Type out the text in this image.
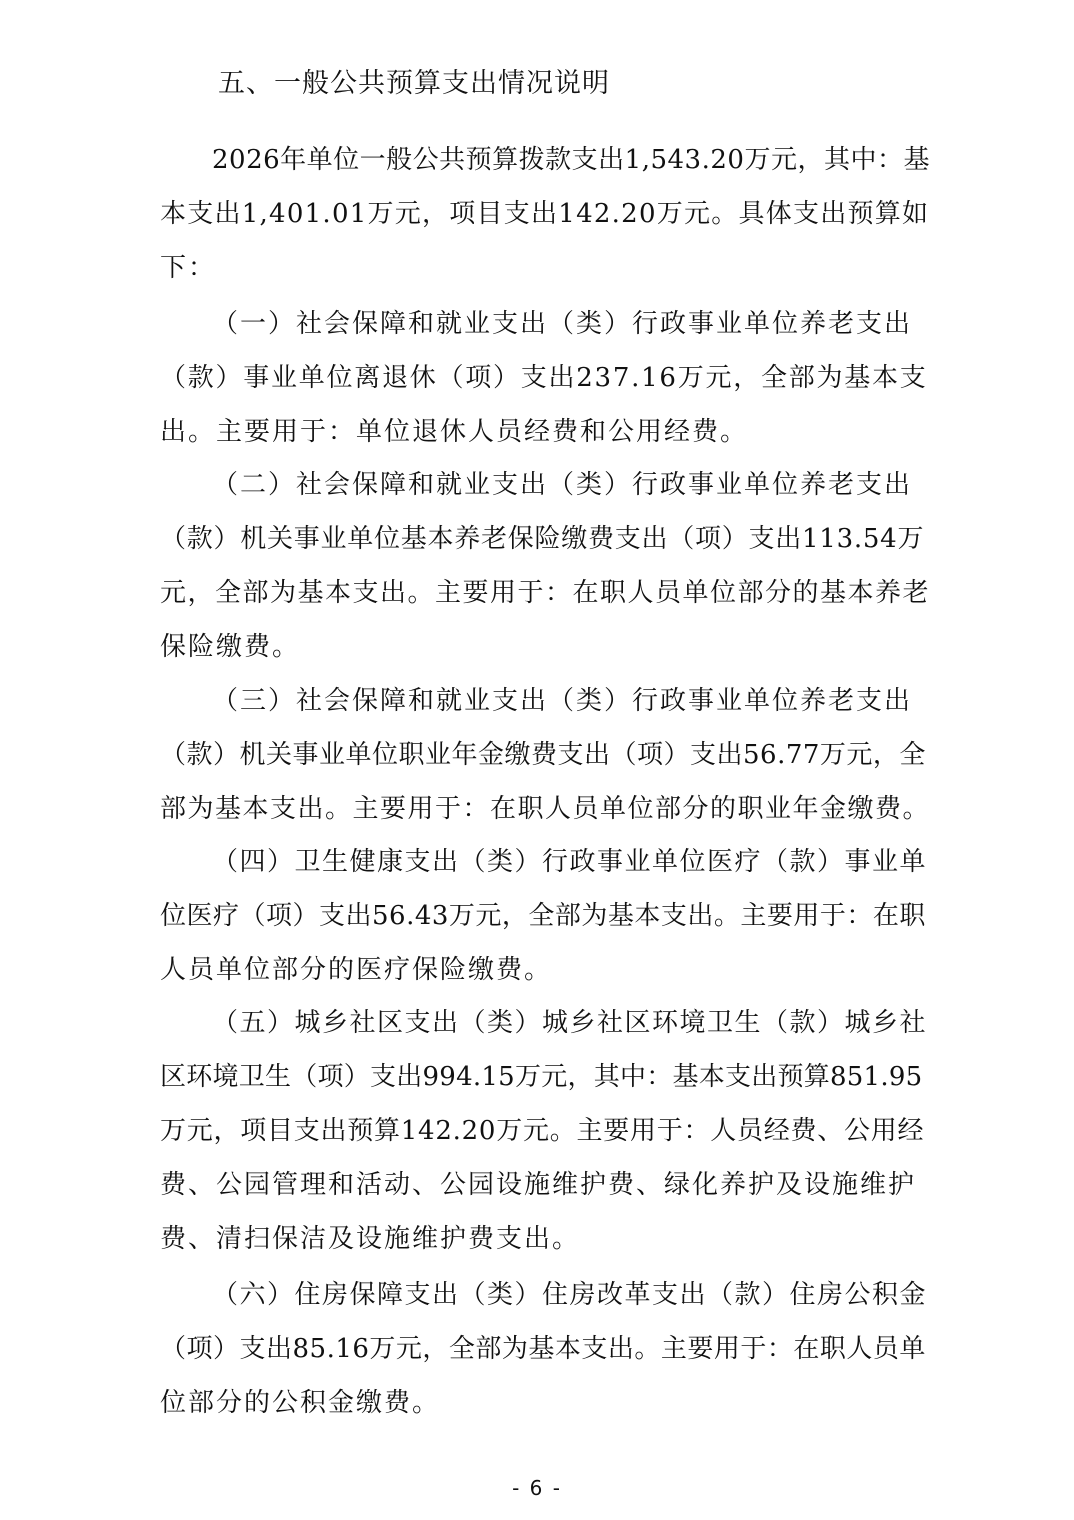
五、一般公共预算支出情况说明
2026年单位一般公共预算拨款支出1,543.20万元，其中：基
本支出1,401.01万元，项目支出142.20万元。具体支出预算如
下：
（一）社会保障和就业支出（类）行政事业单位养老支出
（款）事业单位离退休（项）支出237.16万元，全部为基本支
出。主要用于：单位退休人员经费和公用经费。
（二）社会保障和就业支出（类）行政事业单位养老支出
（款）机关事业单位基本养老保险缴费支出（项）支出113.54万
元，全部为基本支出。主要用于：在职人员单位部分的基本养老
保险缴费。
（三）社会保障和就业支出（类）行政事业单位养老支出
（款）机关事业单位职业年金缴费支出（项）支出56.77万元，全
部为基本支出。主要用于：在职人员单位部分的职业年金缴费。
（四）卫生健康支出（类）行政事业单位医疗（款）事业单
位医疗（项）支出56.43万元，全部为基本支出。主要用于：在职
人员单位部分的医疗保险缴费。
（五）城乡社区支出（类）城乡社区环境卫生（款）城乡社
区环境卫生（项）支出994.15万元，其中：基本支出预算851.95
万元，项目支出预算142.20万元。主要用于：人员经费、公用经
费、公园管理和活动、公园设施维护费、绿化养护及设施维护
费、清扫保洁及设施维护费支出。
（六）住房保障支出（类）住房改革支出（款）住房公积金
（项）支出85.16万元，全部为基本支出。主要用于：在职人员单
位部分的公积金缴费。
- 6 -
